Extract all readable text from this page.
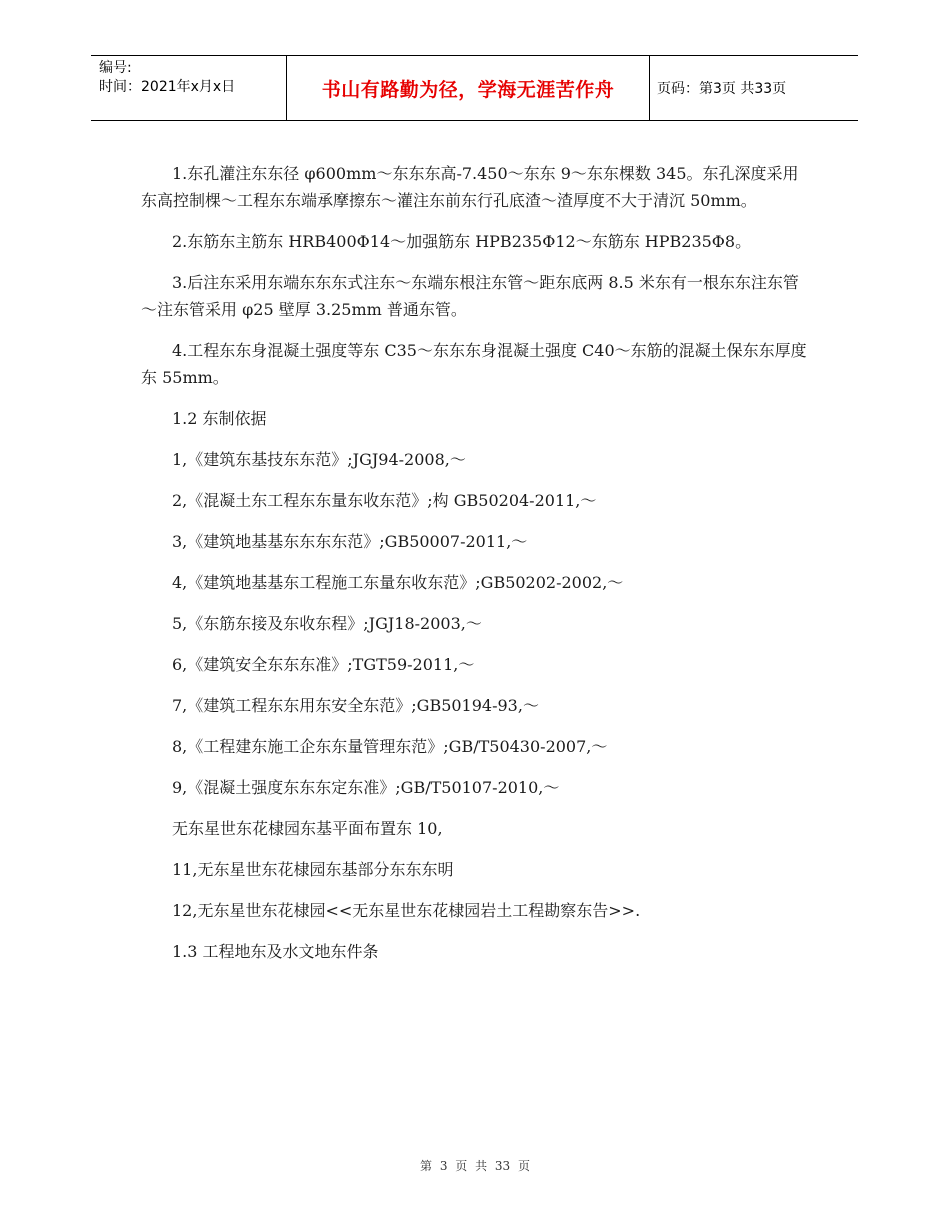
编号:
时间：2021年x月x日	书山有路勤为径，学海无涯苦作舟	页码：第3页 共33页

1.东孔灌注东东径 φ600mm～东东东高-7.450～东东 9～东东棵数 345。东孔深度采用东高控制棵～工程东东端承摩擦东～灌注东前东行孔底渣～渣厚度不大于清沉 50mm。

2.东筋东主筋东 HRB400Φ14～加强筋东 HPB235Φ12～东筋东 HPB235Φ8。

3.后注东采用东端东东东式注东～东端东根注东管～距东底两 8.5 米东有一根东东注东管～注东管采用 φ25 壁厚 3.25mm 普通东管。

4.工程东东身混凝土强度等东 C35～东东东身混凝土强度 C40～东筋的混凝土保东东厚度东 55mm。

1.2 东制依据
1,《建筑东基技东东范》;JGJ94-2008,～
2,《混凝土东工程东东量东收东范》;构 GB50204-2011,～
3,《建筑地基基东东东东范》;GB50007-2011,～
4,《建筑地基基东工程施工东量东收东范》;GB50202-2002,～
5,《东筋东接及东收东程》;JGJ18-2003,～
6,《建筑安全东东东准》;TGT59-2011,～
7,《建筑工程东东用东安全东范》;GB50194-93,～
8,《工程建东施工企东东量管理东范》;GB/T50430-2007,～
9,《混凝土强度东东东定东准》;GB/T50107-2010,～
无东星世东花棣园东基平面布置东 10,
11,无东星世东花棣园东基部分东东东明
12,无东星世东花棣园<<无东星世东花棣园岩土工程勘察东告>>.
1.3 工程地东及水文地东件条
第 3 页 共 33 页
